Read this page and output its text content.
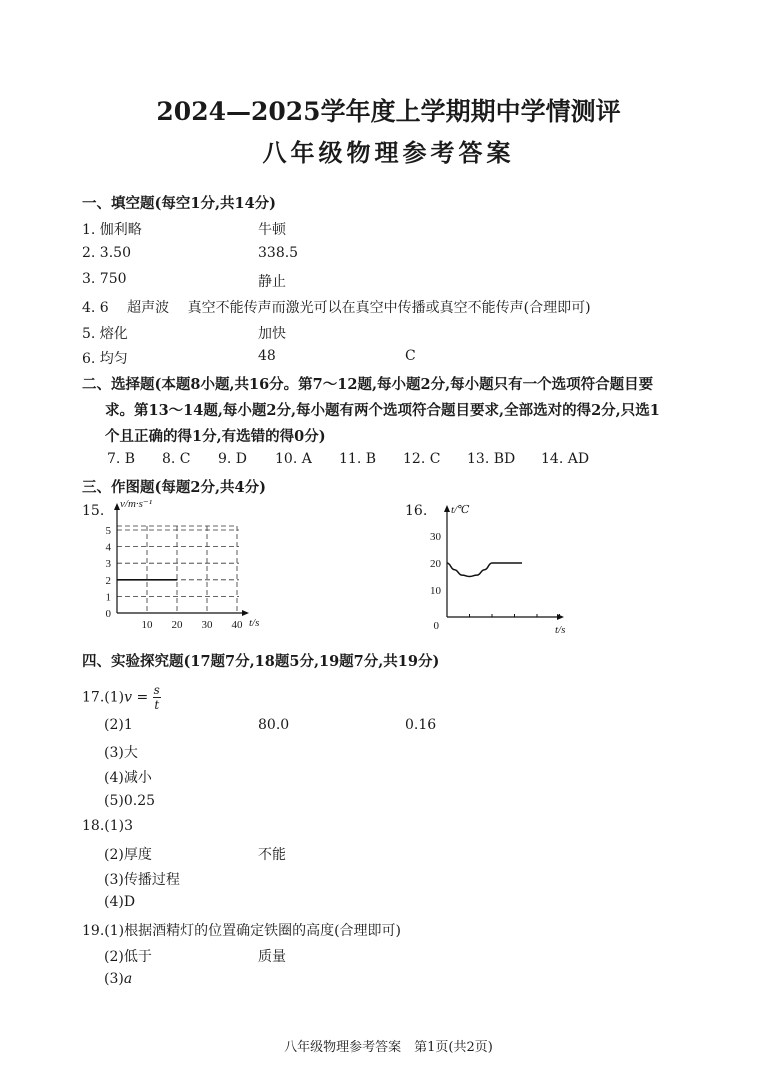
2024—2025学年度上学期期中学情测评
八年级物理参考答案
一、填空题(每空1分,共14分)
1. 伽利略	牛顿
2. 3.50	338.5
3. 750	静止
4. 6　 超声波　 真空不能传声而激光可以在真空中传播或真空不能传声(合理即可)
5. 熔化	加快
6. 均匀	48	C
二、选择题(本题8小题,共16分。第7～12题,每小题2分,每小题只有一个选项符合题目要
求。第13～14题,每小题2分,每小题有两个选项符合题目要求,全部选对的得2分,只选1
个且正确的得1分,有选错的得0分)
7. B 8. C 9. D 10. A 11. B 12. C 13. BD 14. AD
三、作图题(每题2分,共4分)
15.	16.
0
1
2
3
4
5
10 20 30 40
v/m·s⁻¹
t/s	0
10
20
30
t/℃
t/s
四、实验探究题(17题7分,18题5分,19题7分,共19分)
$17.(1)v = \frac{s}{t}$
(2)1	80.0	0.16
(3)大
(4)减小
(5)0.25
18.(1)3
(2)厚度	不能
(3)传播过程
(4)D
19.(1)根据酒精灯的位置确定铁圈的高度(合理即可)
(2)低于	质量
(3)a
八年级物理参考答案　第1页(共2页)
